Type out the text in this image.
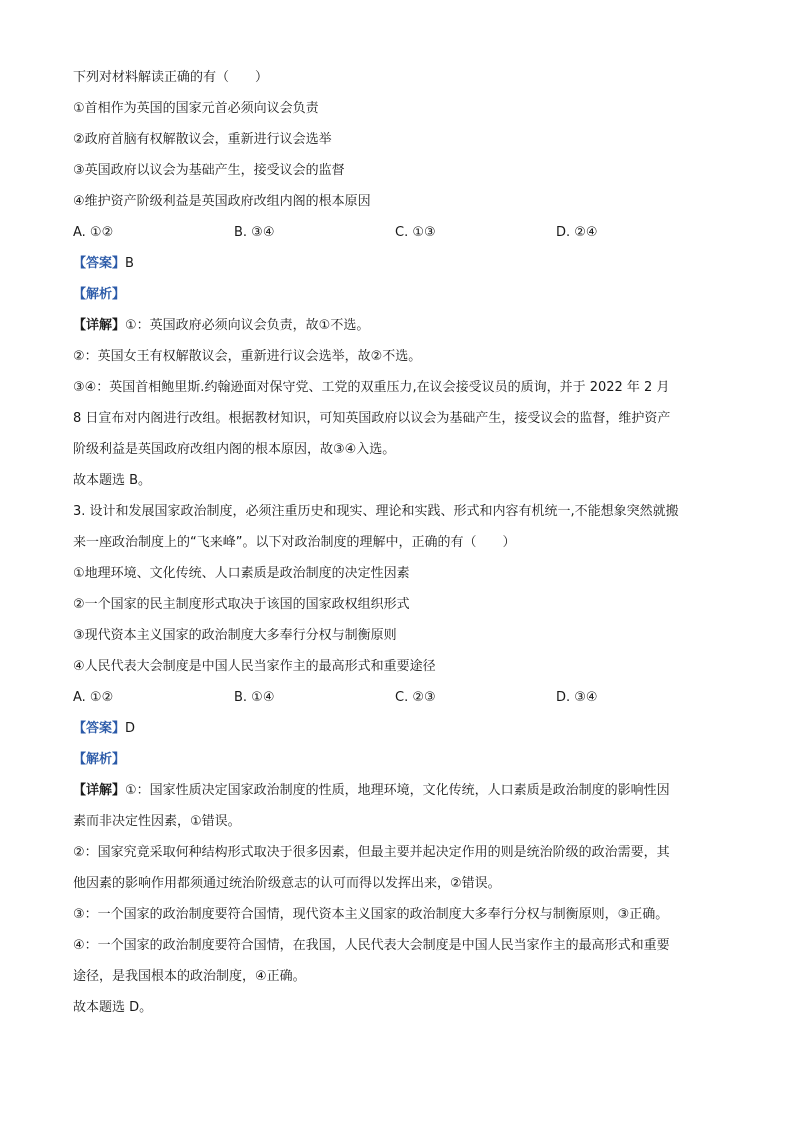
下列对材料解读正确的有（　　）
①首相作为英国的国家元首必须向议会负责
②政府首脑有权解散议会，重新进行议会选举
③英国政府以议会为基础产生，接受议会的监督
④维护资产阶级利益是英国政府改组内阁的根本原因
A. ①②	B. ③④	C. ①③	D. ②④
【答案】B
【解析】
【详解】①：英国政府必须向议会负责，故①不选。
②：英国女王有权解散议会，重新进行议会选举，故②不选。
③④：英国首相鲍里斯.约翰逊面对保守党、工党的双重压力,在议会接受议员的质询，并于 2022 年 2 月
8 日宣布对内阁进行改组。根据教材知识，可知英国政府以议会为基础产生，接受议会的监督，维护资产
阶级利益是英国政府改组内阁的根本原因，故③④入选。
故本题选 B。
3. 设计和发展国家政治制度，必须注重历史和现实、理论和实践、形式和内容有机统一,不能想象突然就搬
来一座政治制度上的“飞来峰”。以下对政治制度的理解中，正确的有（　　）
①地理环境、文化传统、人口素质是政治制度的决定性因素
②一个国家的民主制度形式取决于该国的国家政权组织形式
③现代资本主义国家的政治制度大多奉行分权与制衡原则
④人民代表大会制度是中国人民当家作主的最高形式和重要途径
A. ①②	B. ①④	C. ②③	D. ③④
【答案】D
【解析】
【详解】①：国家性质决定国家政治制度的性质，地理环境，文化传统，人口素质是政治制度的影响性因
素而非决定性因素，①错误。
②：国家究竟采取何种结构形式取决于很多因素，但最主要并起决定作用的则是统治阶级的政治需要，其
他因素的影响作用都须通过统治阶级意志的认可而得以发挥出来，②错误。
③：一个国家的政治制度要符合国情，现代资本主义国家的政治制度大多奉行分权与制衡原则，③正确。
④：一个国家的政治制度要符合国情，在我国，人民代表大会制度是中国人民当家作主的最高形式和重要
途径，是我国根本的政治制度，④正确。
故本题选 D。
